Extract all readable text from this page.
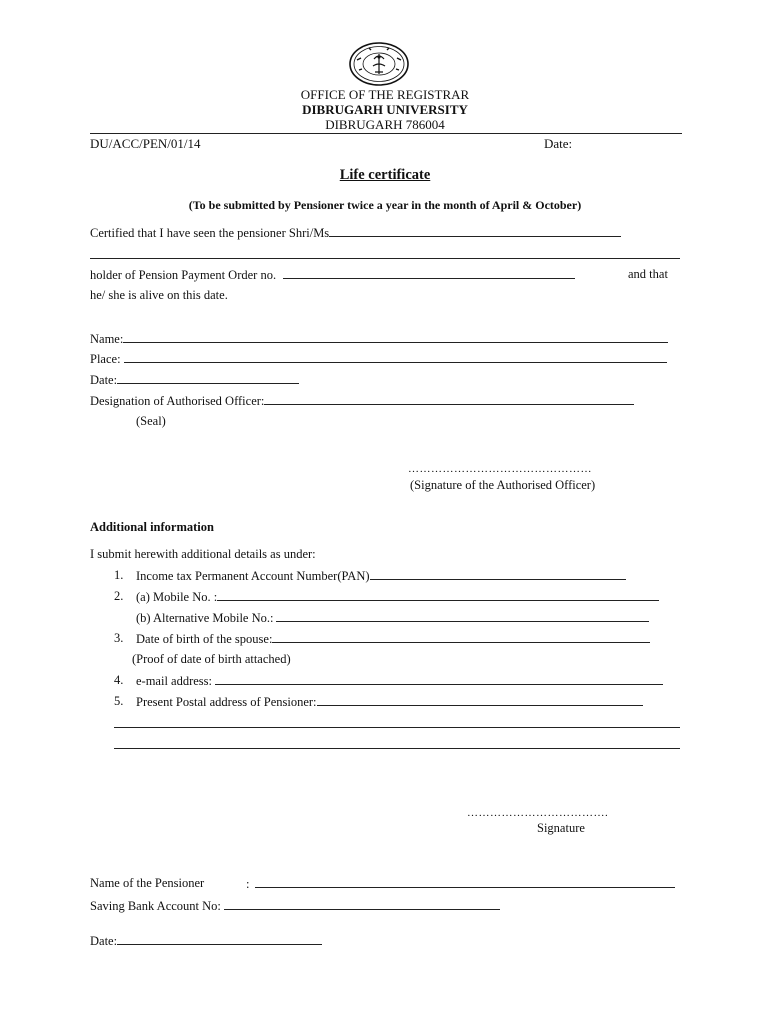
OFFICE OF THE REGISTRAR
DIBRUGARH UNIVERSITY
DIBRUGARH 786004
DU/ACC/PEN/01/14	Date:
Life certificate
(To be submitted by Pensioner twice a year in the month of April & October)
Certified that I have seen the pensioner Shri/Ms
holder of Pension Payment Order no.	and that
he/ she is alive on this date.
Name:
Place:
Date:
Designation of Authorised Officer:
(Seal)
…………………………………………
(Signature of the Authorised Officer)
Additional information
I submit herewith additional details as under:
1. Income tax Permanent Account Number(PAN)
2. (a) Mobile No. :
(b) Alternative Mobile No.:
3. Date of birth of the spouse:
(Proof of date of birth attached)
4. e-mail address:
5. Present Postal address of Pensioner:
……………………………….
Signature
Name of the Pensioner	:
Saving Bank Account No:
Date:
